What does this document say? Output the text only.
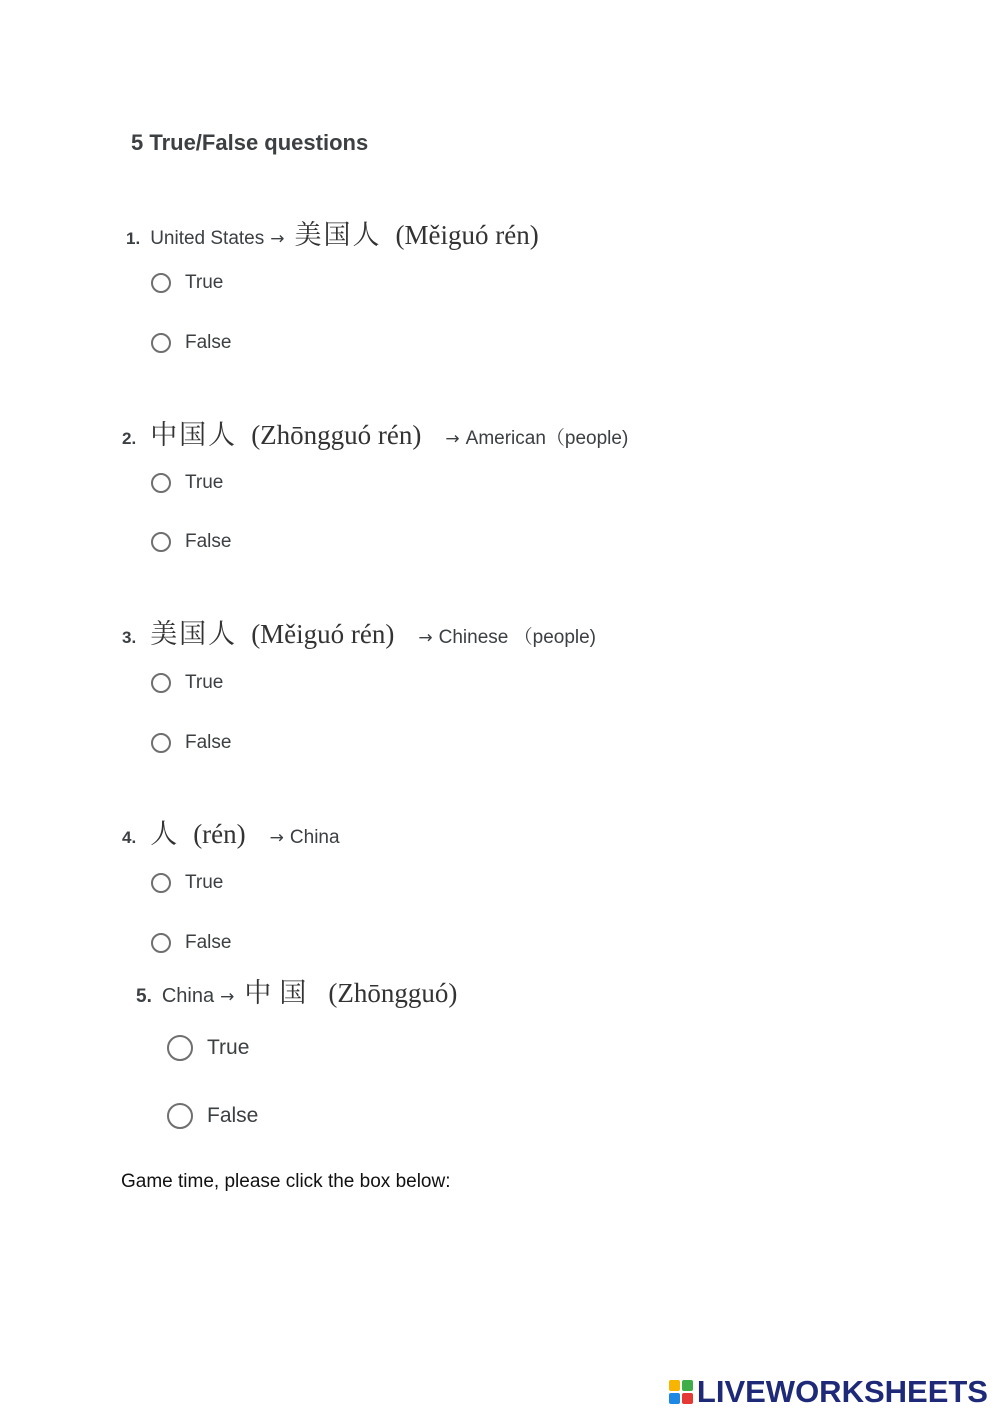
5 True/False questions
1. United States → 美国人 (Měiguó rén)
True
False
2. 中国人 (Zhōngguó rén) → American（people)
True
False
3. 美国人 (Měiguó rén) → Chinese （people)
True
False
4. 人 (rén) → China
True
False
5. China → 中国 (Zhōngguó)
True
False
Game time, please click the box below:
LIVEWORKSHEETS
